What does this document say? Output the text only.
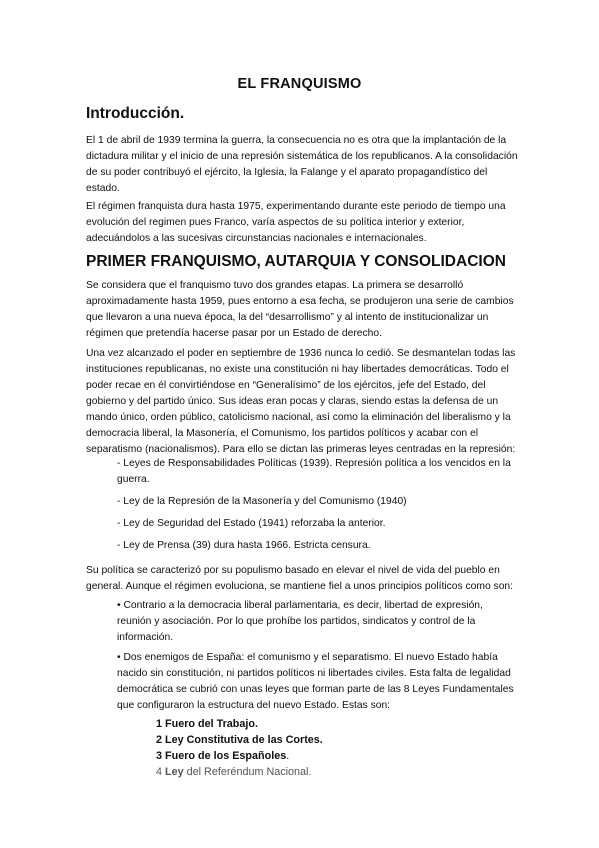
EL FRANQUISMO
Introducción.
El 1 de abril de 1939 termina la guerra, la consecuencia no es otra que la implantación de la dictadura militar y el inicio de una represión sistemática de los republicanos. A la consolidación de su poder contribuyó el ejército, la Iglesia, la Falange y el aparato propagandístico del estado.
El régimen franquista dura hasta 1975, experimentando durante este periodo de tiempo una evolución del regimen pues Franco, varía aspectos de su política interior y exterior, adecuándolos a las sucesivas circunstancias nacionales e internacionales.
PRIMER FRANQUISMO, AUTARQUIA Y CONSOLIDACION
Se considera que el franquismo tuvo dos grandes etapas. La primera se desarrolló aproximadamente hasta 1959, pues entorno a esa fecha, se produjeron una serie de cambios que llevaron a una nueva época, la del “desarrollismo” y al intento de institucionalizar un régimen que pretendía hacerse pasar por un Estado de derecho.
Una vez alcanzado el poder en septiembre de 1936 nunca lo cedió. Se desmantelan todas las instituciones republicanas, no existe una constitución ni hay libertades democráticas. Todo el poder recae en él convirtiéndose en “Generalísimo” de los ejércitos, jefe del Estado, del gobierno y del partido único. Sus ideas eran pocas y claras, siendo estas la defensa de un mando único, orden público, catolicismo nacional, así como la eliminación del liberalismo y la democracia liberal, la Masonería, el Comunismo, los partidos políticos y acabar con el separatismo (nacionalismos). Para ello se dictan las primeras leyes centradas en la represión:
- Leyes de Responsabilidades Políticas (1939). Represión política a los vencidos en la guerra.
- Ley de la Represión de la Masonería y del Comunismo (1940)
- Ley de Seguridad del Estado (1941) reforzaba la anterior.
- Ley de Prensa (39) dura hasta 1966. Estricta censura.
Su política se caracterizó por su populismo basado en elevar el nivel de vida del pueblo en general. Aunque el régimen evoluciona, se mantiene fiel a unos principios políticos como son:
• Contrario a la democracia liberal parlamentaria, es decir, libertad de expresión, reunión y asociación. Por lo que prohíbe los partidos, sindicatos y control de la información.
• Dos enemigos de España: el comunismo y el separatismo. El nuevo Estado había nacido sin constitución, ni partidos políticos ni libertades civiles. Esta falta de legalidad democrática se cubrió con unas leyes que forman parte de las 8 Leyes Fundamentales que configuraron la estructura del nuevo Estado. Estas son:
1 Fuero del Trabajo.
2 Ley Constitutiva de las Cortes.
3 Fuero de los Españoles.
4 Ley del Referéndum Nacional.
